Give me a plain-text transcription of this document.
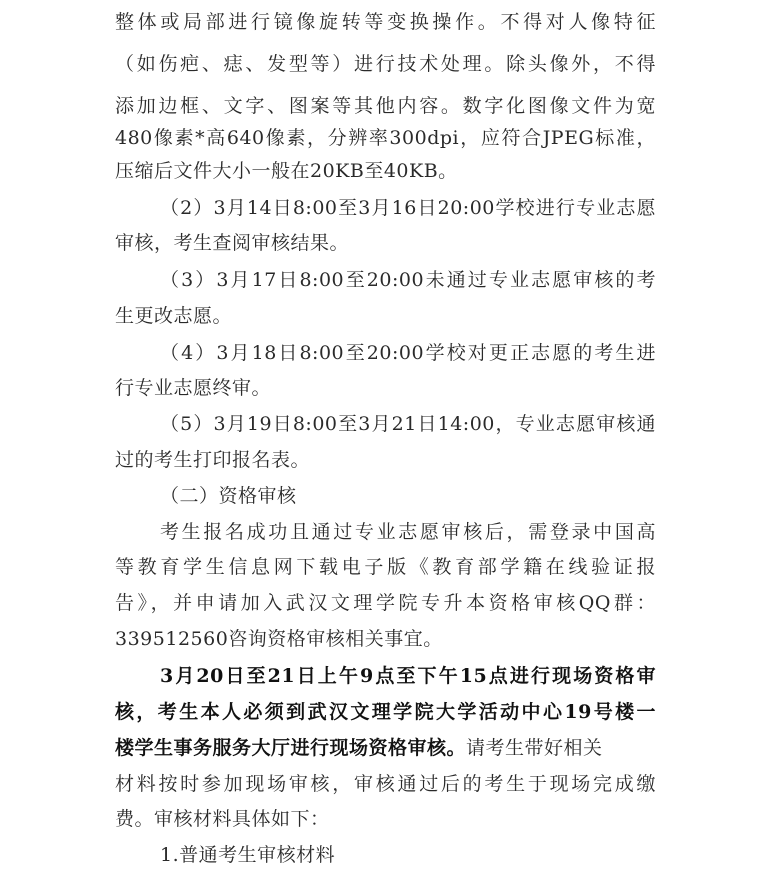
整体或局部进行镜像旋转等变换操作。不得对人像特征
（如伤疤、痣、发型等）进行技术处理。除头像外，不得
添加边框、文字、图案等其他内容。数字化图像文件为宽
480像素*高640像素，分辨率300dpi，应符合JPEG标准，
压缩后文件大小一般在20KB至40KB。
（2）3月14日8:00至3月16日20:00学校进行专业志愿
审核，考生查阅审核结果。
（3）3月17日8:00至20:00未通过专业志愿审核的考
生更改志愿。
（4）3月18日8:00至20:00学校对更正志愿的考生进
行专业志愿终审。
（5）3月19日8:00至3月21日14:00，专业志愿审核通
过的考生打印报名表。
（二）资格审核
考生报名成功且通过专业志愿审核后，需登录中国高
等教育学生信息网下载电子版《教育部学籍在线验证报
告》，并申请加入武汉文理学院专升本资格审核QQ群：
339512560咨询资格审核相关事宜。
3月20日至21日上午9点至下午15点进行现场资格审
核，考生本人必须到武汉文理学院大学活动中心19号楼一
楼学生事务服务大厅进行现场资格审核。请考生带好相关
材料按时参加现场审核，审核通过后的考生于现场完成缴
费。审核材料具体如下：
1.普通考生审核材料
